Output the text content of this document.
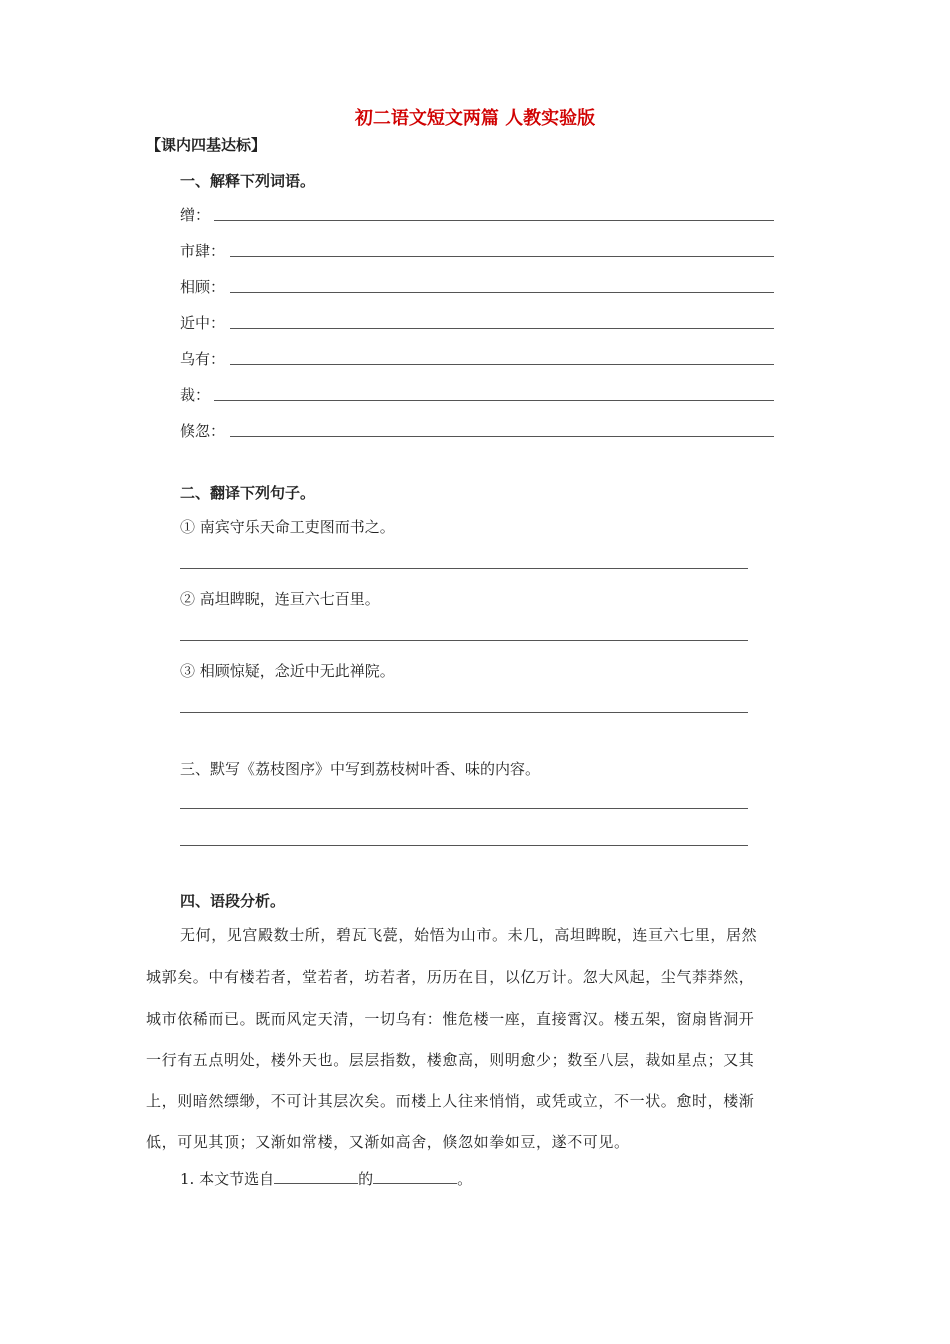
初二语文短文两篇 人教实验版
【课内四基达标】
一、解释下列词语。
缯：
市肆：
相顾：
近中：
乌有：
裁：
倏忽：
二、翻译下列句子。
① 南宾守乐天命工吏图而书之。
② 高坦睥睨，连亘六七百里。
③ 相顾惊疑，念近中无此禅院。
三、默写《荔枝图序》中写到荔枝树叶香、味的内容。
四、语段分析。
无何，见宫殿数士所，碧瓦飞甍，始悟为山市。未几，高坦睥睨，连亘六七里，居然
城郭矣。中有楼若者，堂若者，坊若者，历历在目，以亿万计。忽大风起，尘气莽莽然，
城市依稀而已。既而风定天清，一切乌有：惟危楼一座，直接霄汉。楼五架，窗扇皆洞开
一行有五点明处，楼外天也。层层指数，楼愈高，则明愈少；数至八层，裁如星点；又其
上，则暗然缥缈，不可计其层次矣。而楼上人往来悄悄，或凭或立，不一状。愈时，楼渐
低，可见其顶；又渐如常楼，又渐如高舍，倏忽如拳如豆，遂不可见。
1. 本文节选自	的	。
